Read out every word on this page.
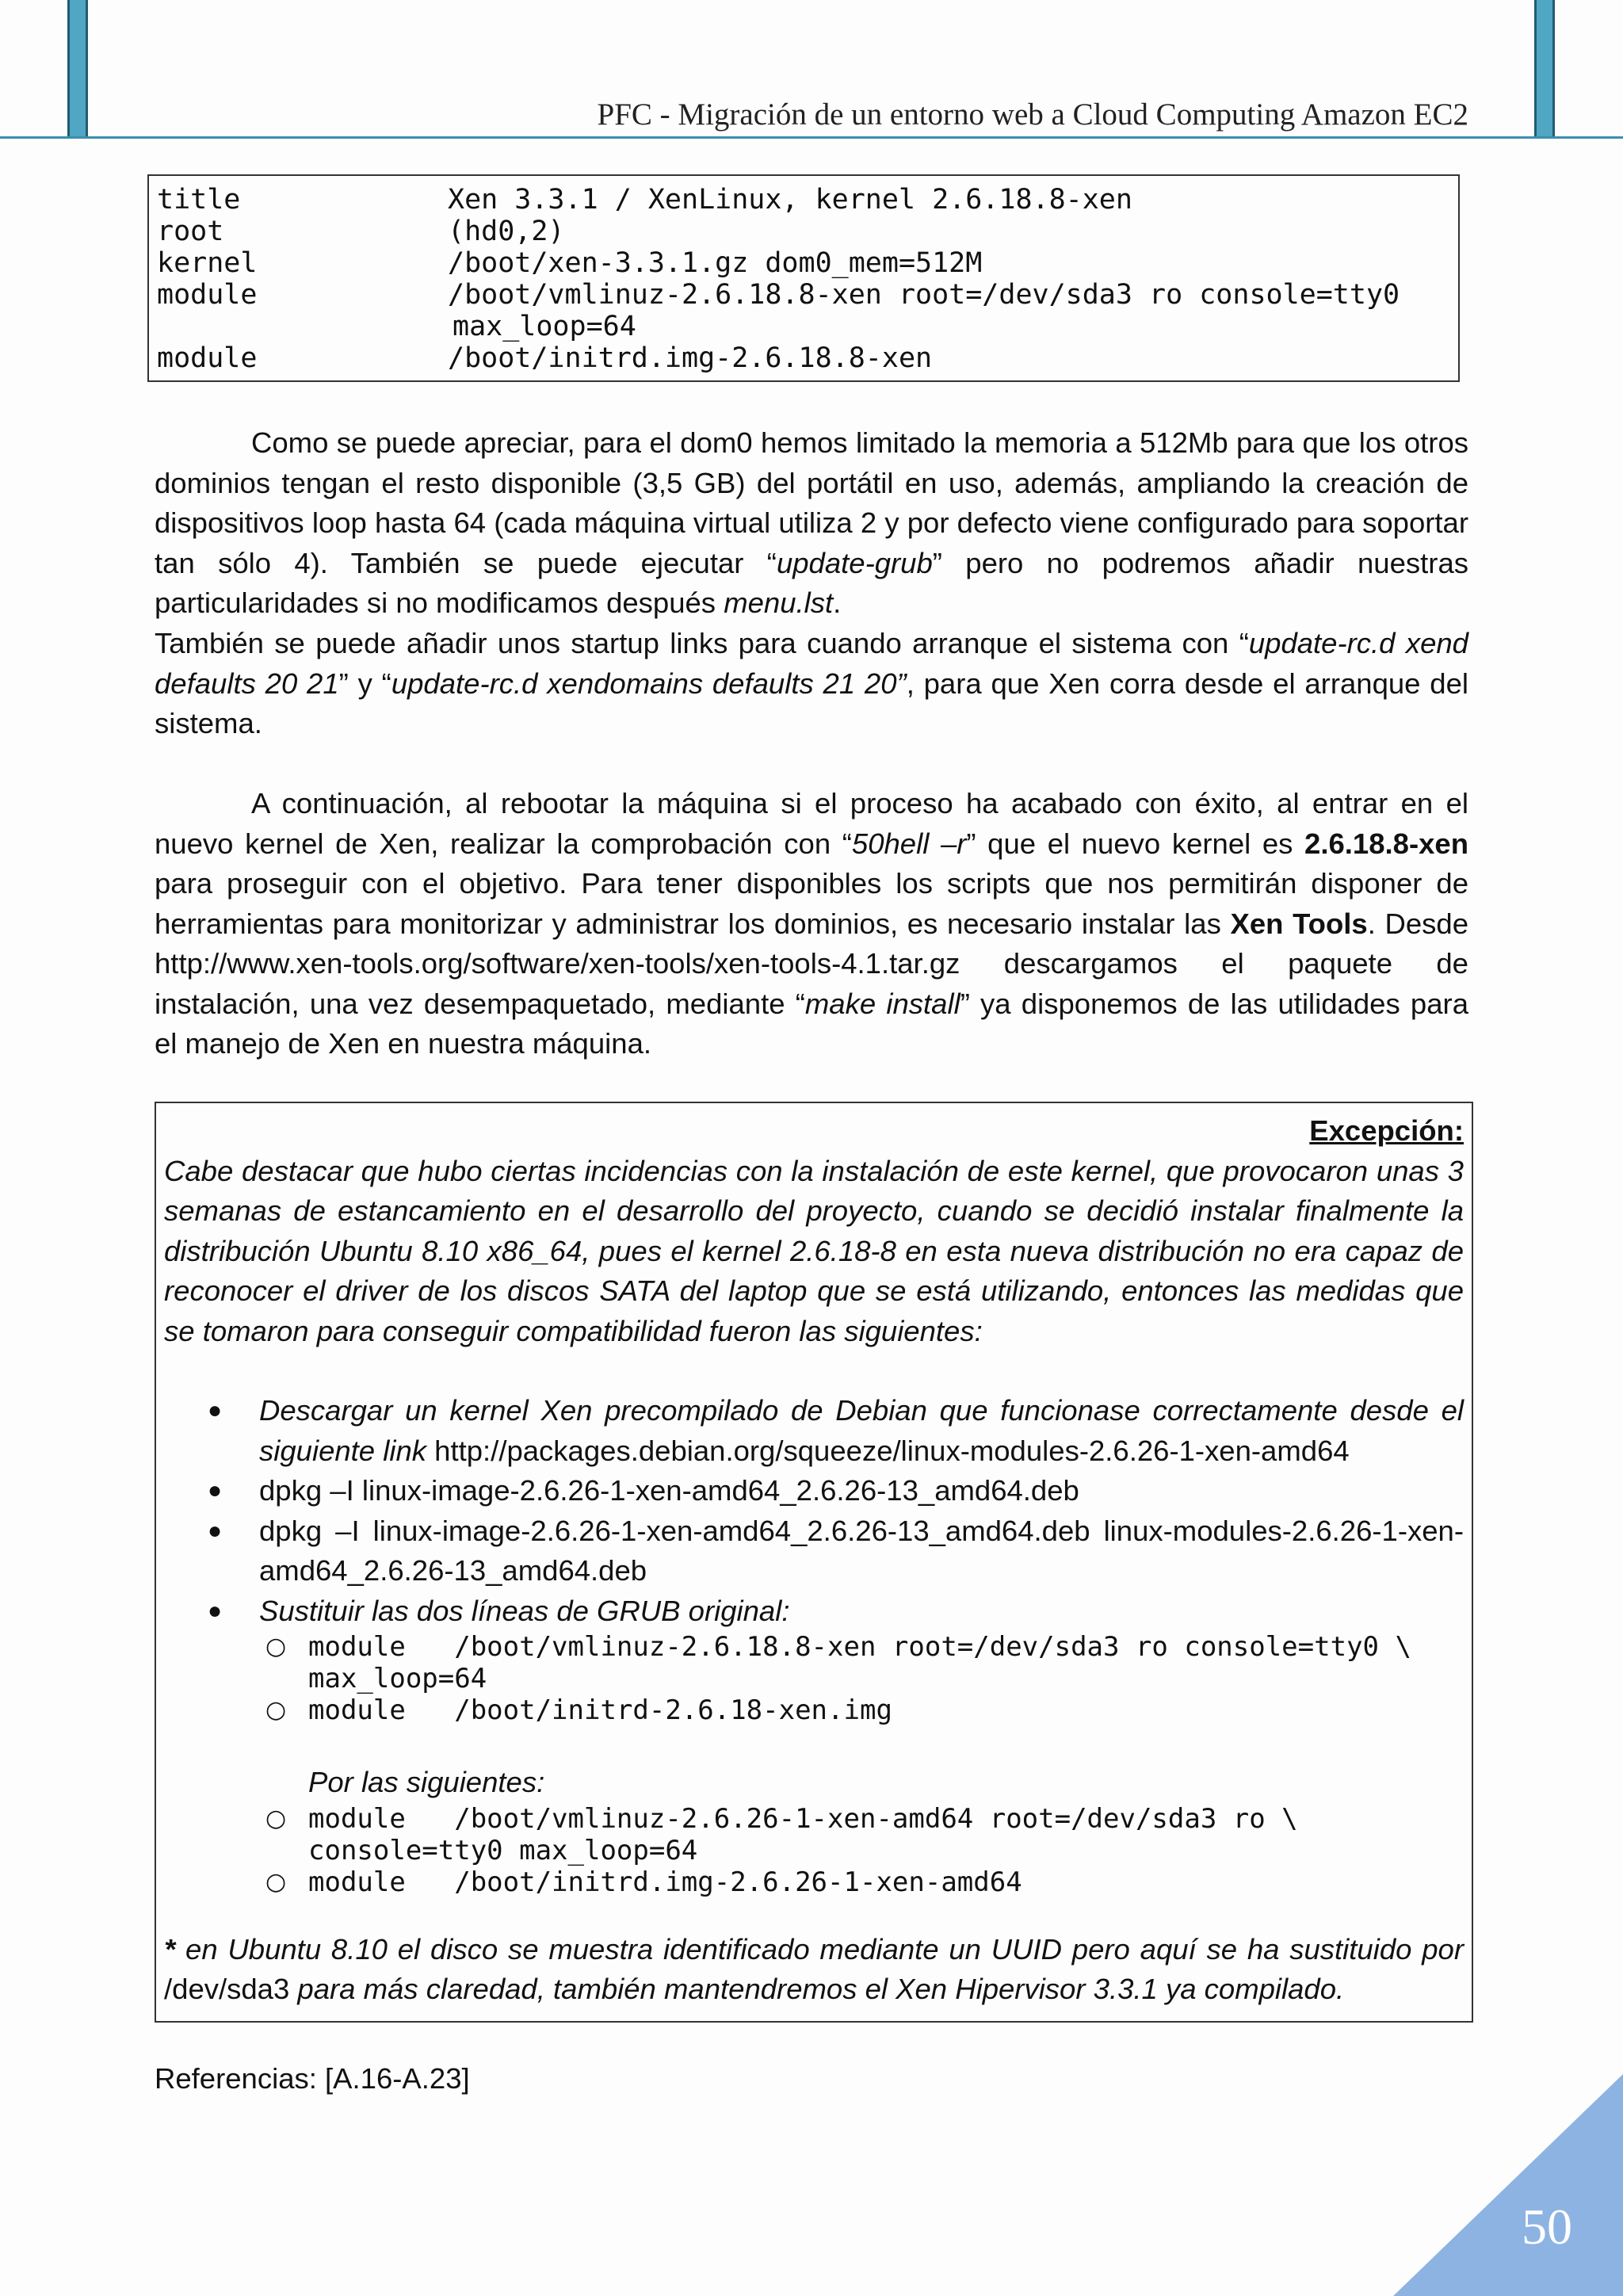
PFC - Migración de un entorno web a Cloud Computing Amazon EC2
title	Xen 3.3.1 / XenLinux, kernel 2.6.18.8-xen
root	(hd0,2)
kernel	/boot/xen-3.3.1.gz dom0_mem=512M
module	/boot/vmlinuz-2.6.18.8-xen root=/dev/sda3 ro console=tty0
max_loop=64
module	/boot/initrd.img-2.6.18.8-xen

Como se puede apreciar, para el dom0 hemos limitado la memoria a 512Mb para que los otros dominios tengan el resto disponible (3,5 GB) del portátil en uso, además, ampliando la creación de dispositivos loop hasta 64 (cada máquina virtual utiliza 2 y por defecto viene configurado para soportar tan sólo 4). También se puede ejecutar “update-grub” pero no podremos añadir nuestras particularidades si no modificamos después menu.lst.

También se puede añadir unos startup links para cuando arranque el sistema con “update-rc.d xend defaults 20 21” y “update-rc.d xendomains defaults 21 20”, para que Xen corra desde el arranque del sistema.

A continuación, al rebootar la máquina si el proceso ha acabado con éxito, al entrar en el nuevo kernel de Xen, realizar la comprobación con “50hell –r” que el nuevo kernel es 2.6.18.8-xen para proseguir con el objetivo. Para tener disponibles los scripts que nos permitirán disponer de herramientas para monitorizar y administrar los dominios, es necesario instalar las Xen Tools. Desde http://www.xen-tools.org/software/xen-tools/xen-tools-4.1.tar.gz descargamos el paquete de instalación, una vez desempaquetado, mediante “make install” ya disponemos de las utilidades para el manejo de Xen en nuestra máquina.

Excepción:

Cabe destacar que hubo ciertas incidencias con la instalación de este kernel, que provocaron unas 3 semanas de estancamiento en el desarrollo del proyecto, cuando se decidió instalar finalmente la distribución Ubuntu 8.10 x86_64, pues el kernel 2.6.18-8 en esta nueva distribución no era capaz de reconocer el driver de los discos SATA del laptop que se está utilizando, entonces las medidas que se tomaron para conseguir compatibilidad fueron las siguientes:

● Descargar un kernel Xen precompilado de Debian que funcionase correctamente desde el siguiente link http://packages.debian.org/squeeze/linux-modules-2.6.26-1-xen-amd64
● dpkg –I linux-image-2.6.26-1-xen-amd64_2.6.26-13_amd64.deb
● dpkg –I linux-image-2.6.26-1-xen-amd64_2.6.26-13_amd64.deb linux-modules-2.6.26-1-xen-amd64_2.6.26-13_amd64.deb
● Sustituir las dos líneas de GRUB original:
○ module   /boot/vmlinuz-2.6.18.8-xen root=/dev/sda3 ro console=tty0 \
max_loop=64
○ module   /boot/initrd-2.6.18-xen.img
Por las siguientes:
○ module   /boot/vmlinuz-2.6.26-1-xen-amd64 root=/dev/sda3 ro \
console=tty0 max_loop=64
○ module   /boot/initrd.img-2.6.26-1-xen-amd64

* en Ubuntu 8.10 el disco se muestra identificado mediante un UUID pero aquí se ha sustituido por /dev/sda3 para más claredad, también mantendremos el Xen Hipervisor 3.3.1 ya compilado.

Referencias: [A.16-A.23]
50
